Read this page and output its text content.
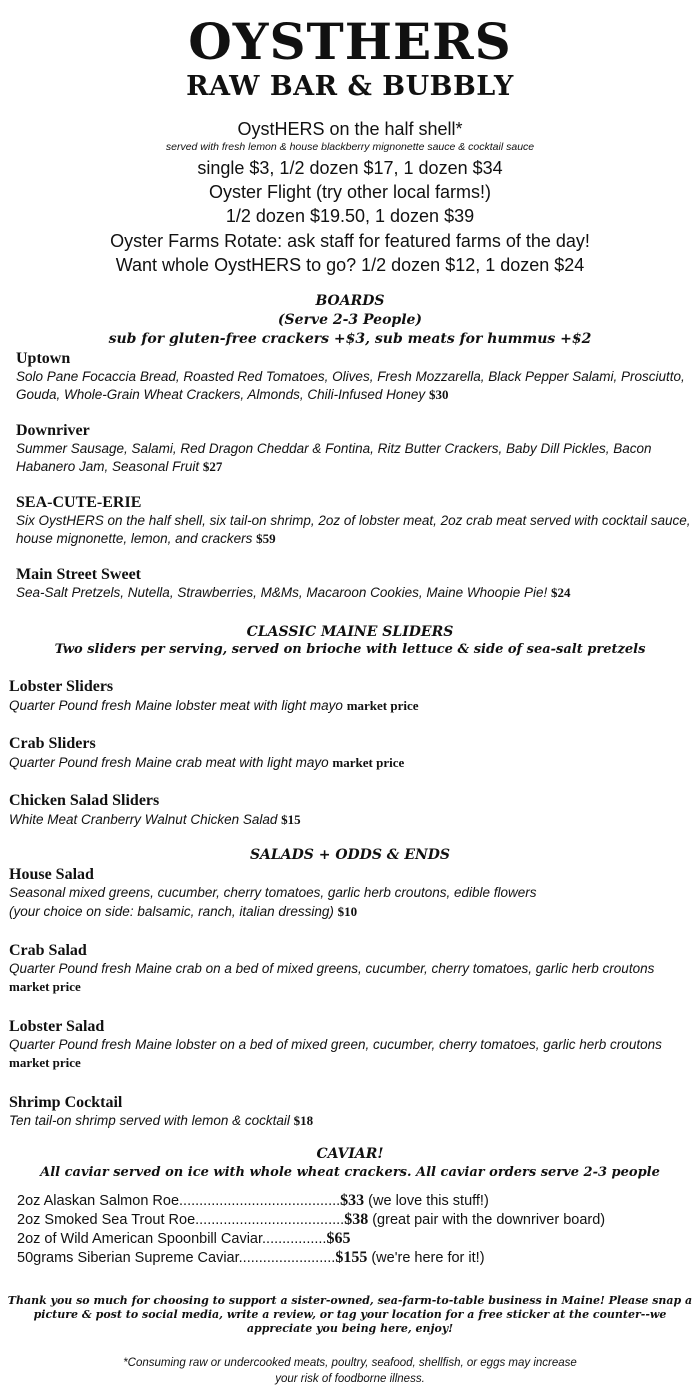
OYSTHERS
RAW BAR & BUBBLY
OystHERS on the half shell*
served with fresh lemon & house blackberry mignonette sauce & cocktail sauce
single $3, 1/2 dozen $17, 1 dozen $34
Oyster Flight (try other local farms!)
1/2 dozen $19.50, 1 dozen $39
Oyster Farms Rotate: ask staff for featured farms of the day!
Want whole OystHERS to go? 1/2 dozen $12, 1 dozen $24
BOARDS
(Serve 2-3 People)
sub for gluten-free crackers +$3, sub meats for hummus +$2
Uptown
Solo Pane Focaccia Bread, Roasted Red Tomatoes, Olives, Fresh Mozzarella, Black Pepper Salami, Prosciutto, Gouda, Whole-Grain Wheat Crackers, Almonds, Chili-Infused Honey $30
Downriver
Summer Sausage, Salami, Red Dragon Cheddar & Fontina, Ritz Butter Crackers, Baby Dill Pickles, Bacon Habanero Jam, Seasonal Fruit $27
SEA-CUTE-ERIE
Six OystHERS on the half shell, six tail-on shrimp, 2oz of lobster meat, 2oz crab meat served with cocktail sauce, house mignonette, lemon, and crackers $59
Main Street Sweet
Sea-Salt Pretzels, Nutella, Strawberries, M&Ms, Macaroon Cookies, Maine Whoopie Pie! $24
CLASSIC MAINE SLIDERS
Two sliders per serving, served on brioche with lettuce & side of sea-salt pretzels
Lobster Sliders
Quarter Pound fresh Maine lobster meat with light mayo market price
Crab Sliders
Quarter Pound fresh Maine crab meat with light mayo market price
Chicken Salad Sliders
White Meat Cranberry Walnut Chicken Salad $15
SALADS + ODDS & ENDS
House Salad
Seasonal mixed greens, cucumber, cherry tomatoes, garlic herb croutons, edible flowers
(your choice on side: balsamic, ranch, italian dressing) $10
Crab Salad
Quarter Pound fresh Maine crab on a bed of mixed greens, cucumber, cherry tomatoes, garlic herb croutons market price
Lobster Salad
Quarter Pound fresh Maine lobster on a bed of mixed green, cucumber, cherry tomatoes, garlic herb croutons market price
Shrimp Cocktail
Ten tail-on shrimp served with lemon & cocktail $18
CAVIAR!
All caviar served on ice with whole wheat crackers. All caviar orders serve 2-3 people
2oz Alaskan Salmon Roe........................................$33 (we love this stuff!)
2oz Smoked Sea Trout Roe.....................................$38 (great pair with the downriver board)
2oz of Wild American Spoonbill Caviar................$65
50grams Siberian Supreme Caviar........................$155 (we're here for it!)
Thank you so much for choosing to support a sister-owned, sea-farm-to-table business in Maine! Please snap a picture & post to social media, write a review, or tag your location for a free sticker at the counter--we appreciate you being here, enjoy!
*Consuming raw or undercooked meats, poultry, seafood, shellfish, or eggs may increase
your risk of foodborne illness.
